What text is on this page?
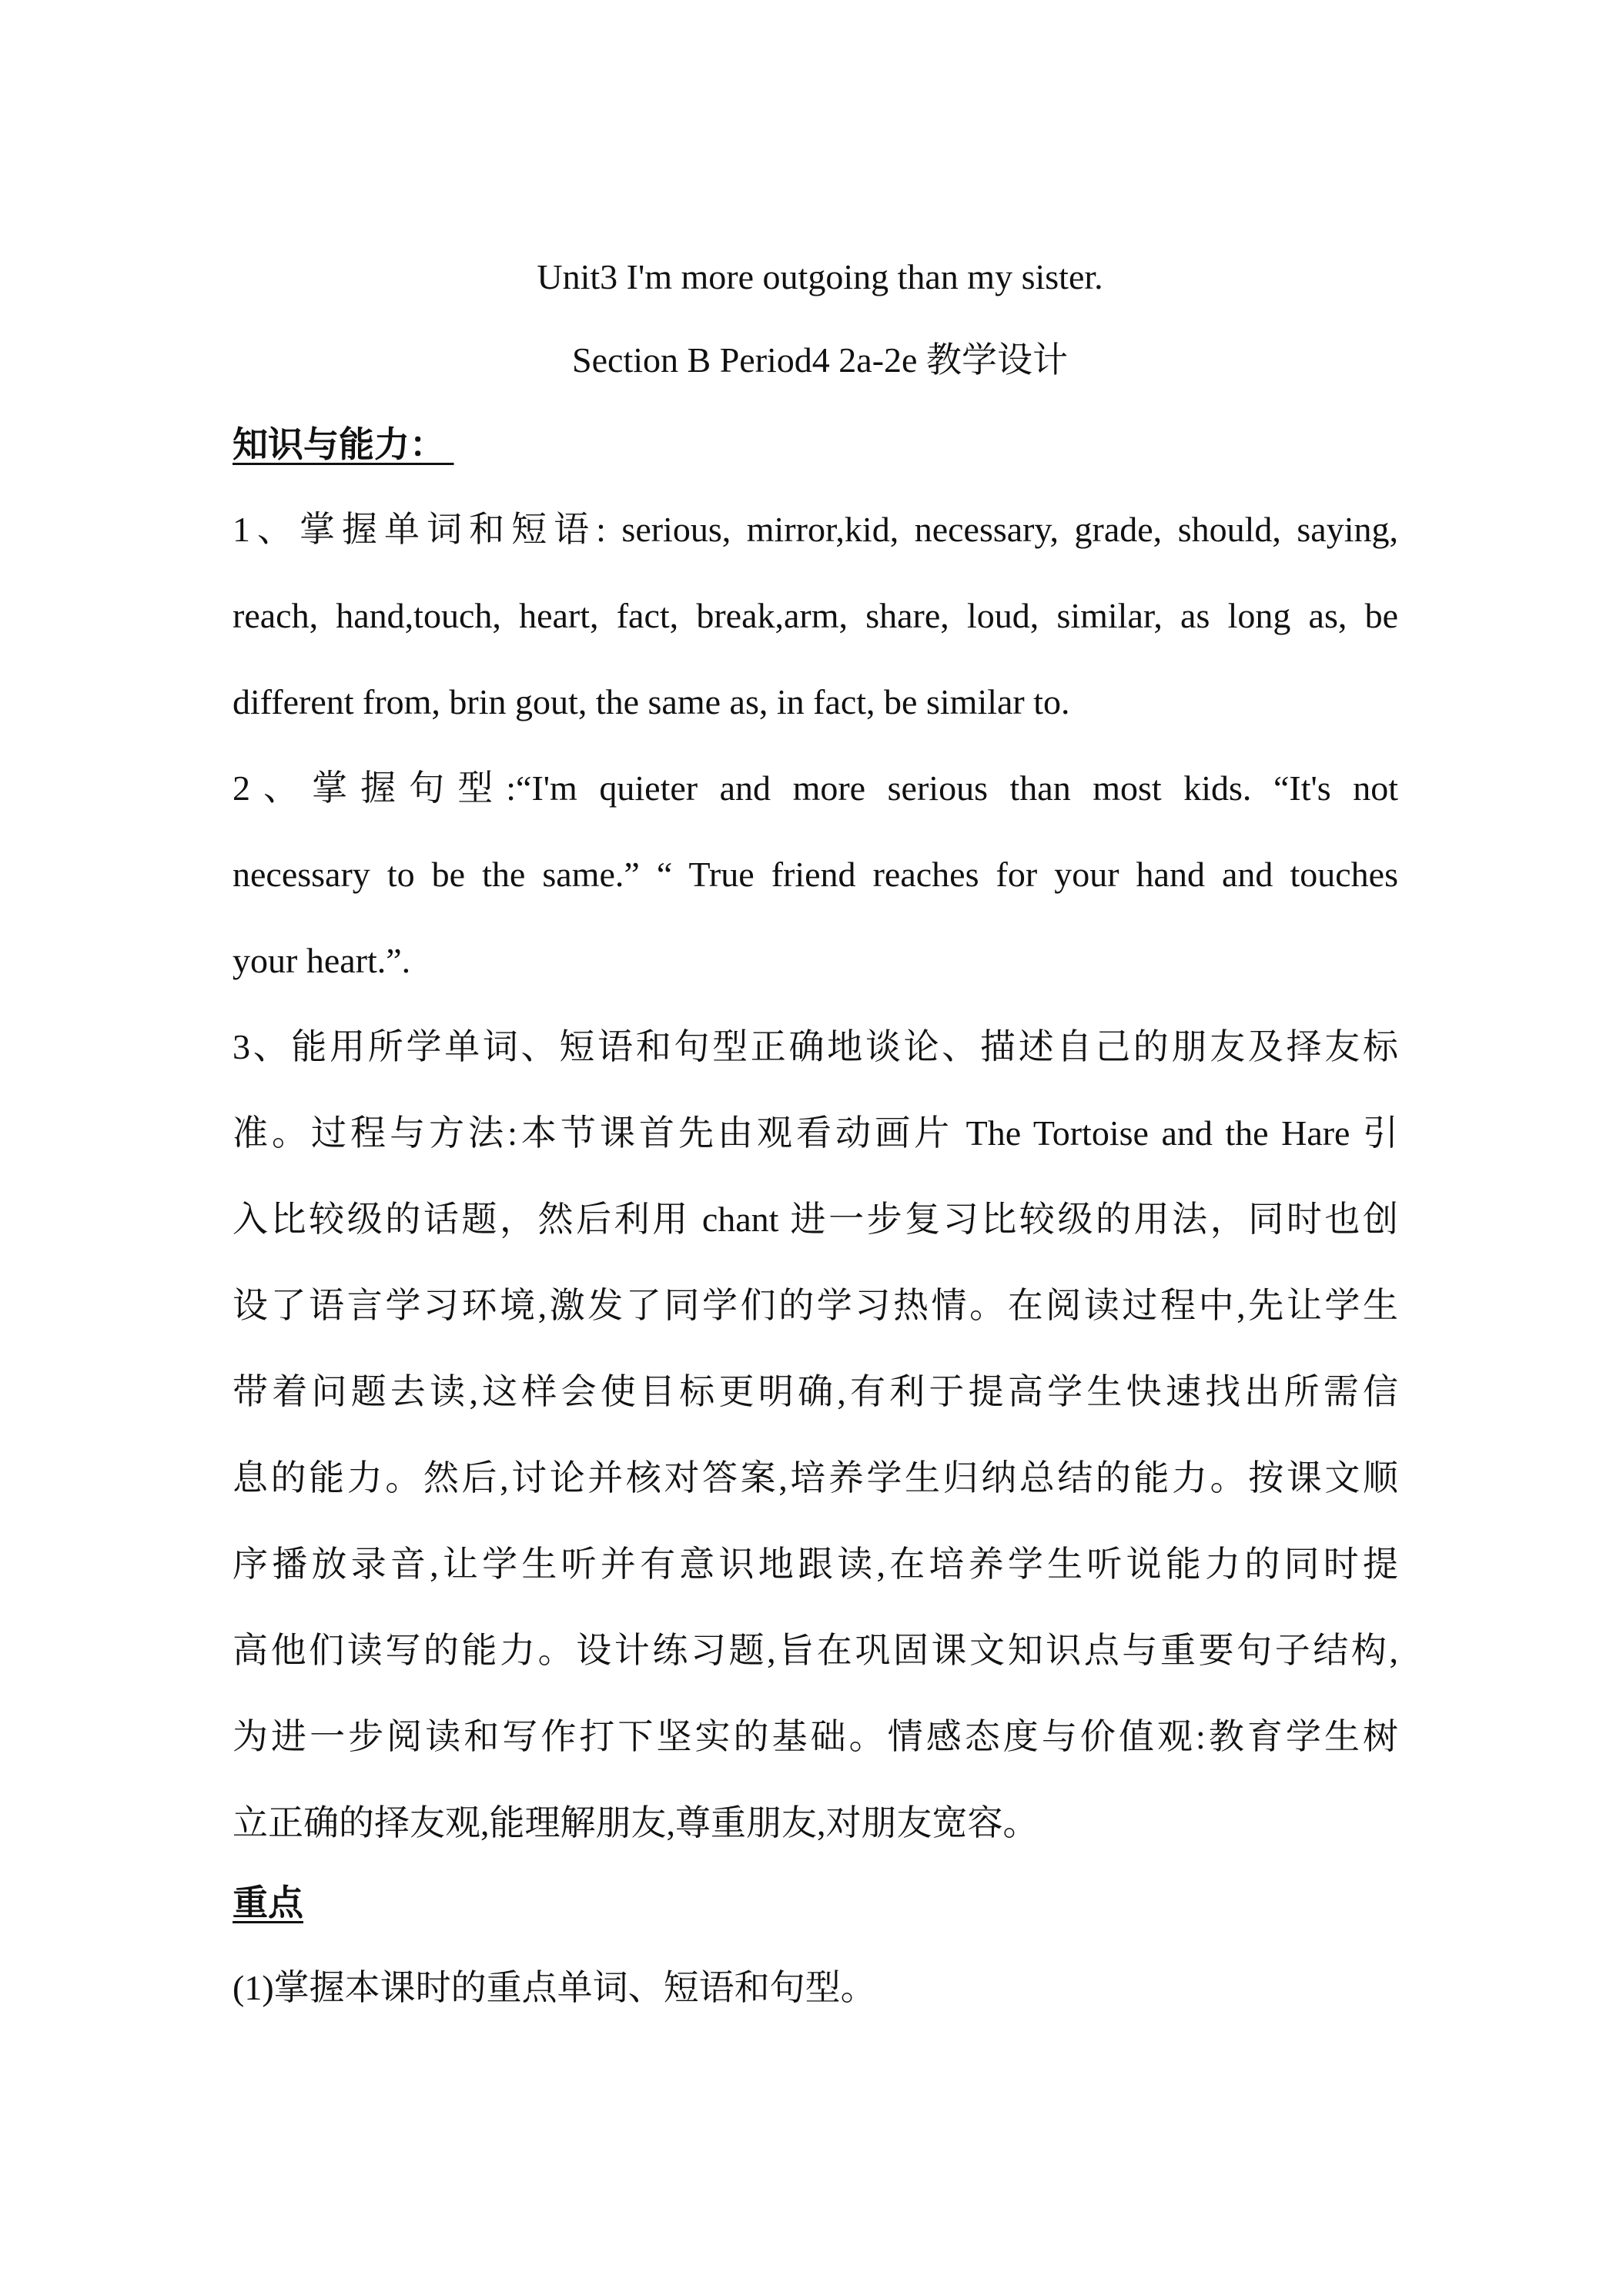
Unit3 I'm more outgoing than my sister.
Section B Period4 2a-2e 教学设计
知识与能力：
1、掌握单词和短语: serious, mirror,kid, necessary, grade, should, saying,
reach, hand,touch, heart, fact, break,arm, share, loud, similar, as long as, be
different from, brin gout, the same as, in fact, be similar to.
2、掌握句型:“I'm quieter and more serious than most kids. “It's not
necessary to be the same.” “ True friend reaches for your hand and touches
your heart.”.
3、能用所学单词、短语和句型正确地谈论、描述自己的朋友及择友标
准。过程与方法:本节课首先由观看动画片 The Tortoise and the Hare 引
入比较级的话题，然后利用 chant 进一步复习比较级的用法，同时也创
设了语言学习环境,激发了同学们的学习热情。在阅读过程中,先让学生
带着问题去读,这样会使目标更明确,有利于提高学生快速找出所需信
息的能力。然后,讨论并核对答案,培养学生归纳总结的能力。按课文顺
序播放录音,让学生听并有意识地跟读,在培养学生听说能力的同时提
高他们读写的能力。设计练习题,旨在巩固课文知识点与重要句子结构,
为进一步阅读和写作打下坚实的基础。情感态度与价值观:教育学生树
立正确的择友观,能理解朋友,尊重朋友,对朋友宽容。
重点
(1)掌握本课时的重点单词、短语和句型。
